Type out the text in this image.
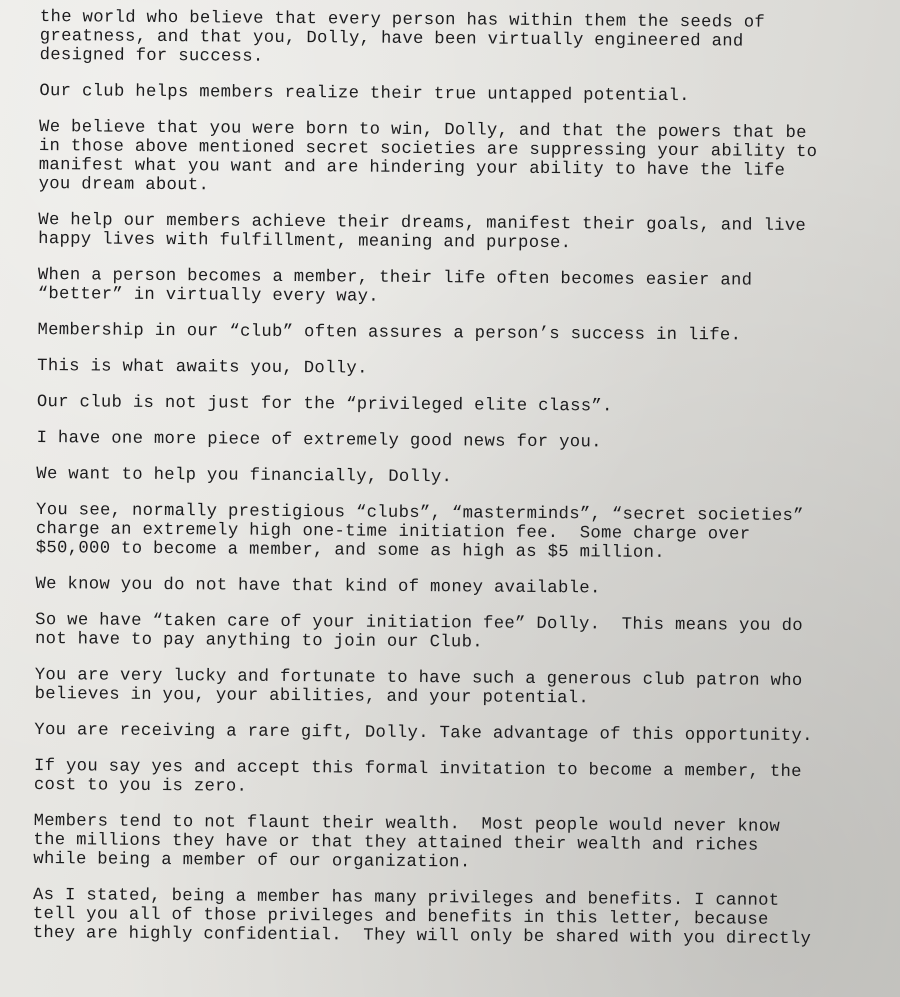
the world who believe that every person has within them the seeds of
greatness, and that you, Dolly, have been virtually engineered and
designed for success.
Our club helps members realize their true untapped potential.
We believe that you were born to win, Dolly, and that the powers that be
in those above mentioned secret societies are suppressing your ability to
manifest what you want and are hindering your ability to have the life
you dream about.
We help our members achieve their dreams, manifest their goals, and live
happy lives with fulfillment, meaning and purpose.
When a person becomes a member, their life often becomes easier and
“better” in virtually every way.
Membership in our “club” often assures a person’s success in life.
This is what awaits you, Dolly.
Our club is not just for the “privileged elite class”.
I have one more piece of extremely good news for you.
We want to help you financially, Dolly.
You see, normally prestigious “clubs”, “masterminds”, “secret societies”
charge an extremely high one-time initiation fee.  Some charge over
$50,000 to become a member, and some as high as $5 million.
We know you do not have that kind of money available.
So we have “taken care of your initiation fee” Dolly.  This means you do
not have to pay anything to join our Club.
You are very lucky and fortunate to have such a generous club patron who
believes in you, your abilities, and your potential.
You are receiving a rare gift, Dolly. Take advantage of this opportunity.
If you say yes and accept this formal invitation to become a member, the
cost to you is zero.
Members tend to not flaunt their wealth.  Most people would never know
the millions they have or that they attained their wealth and riches
while being a member of our organization.
As I stated, being a member has many privileges and benefits. I cannot
tell you all of those privileges and benefits in this letter, because
they are highly confidential.  They will only be shared with you directly
